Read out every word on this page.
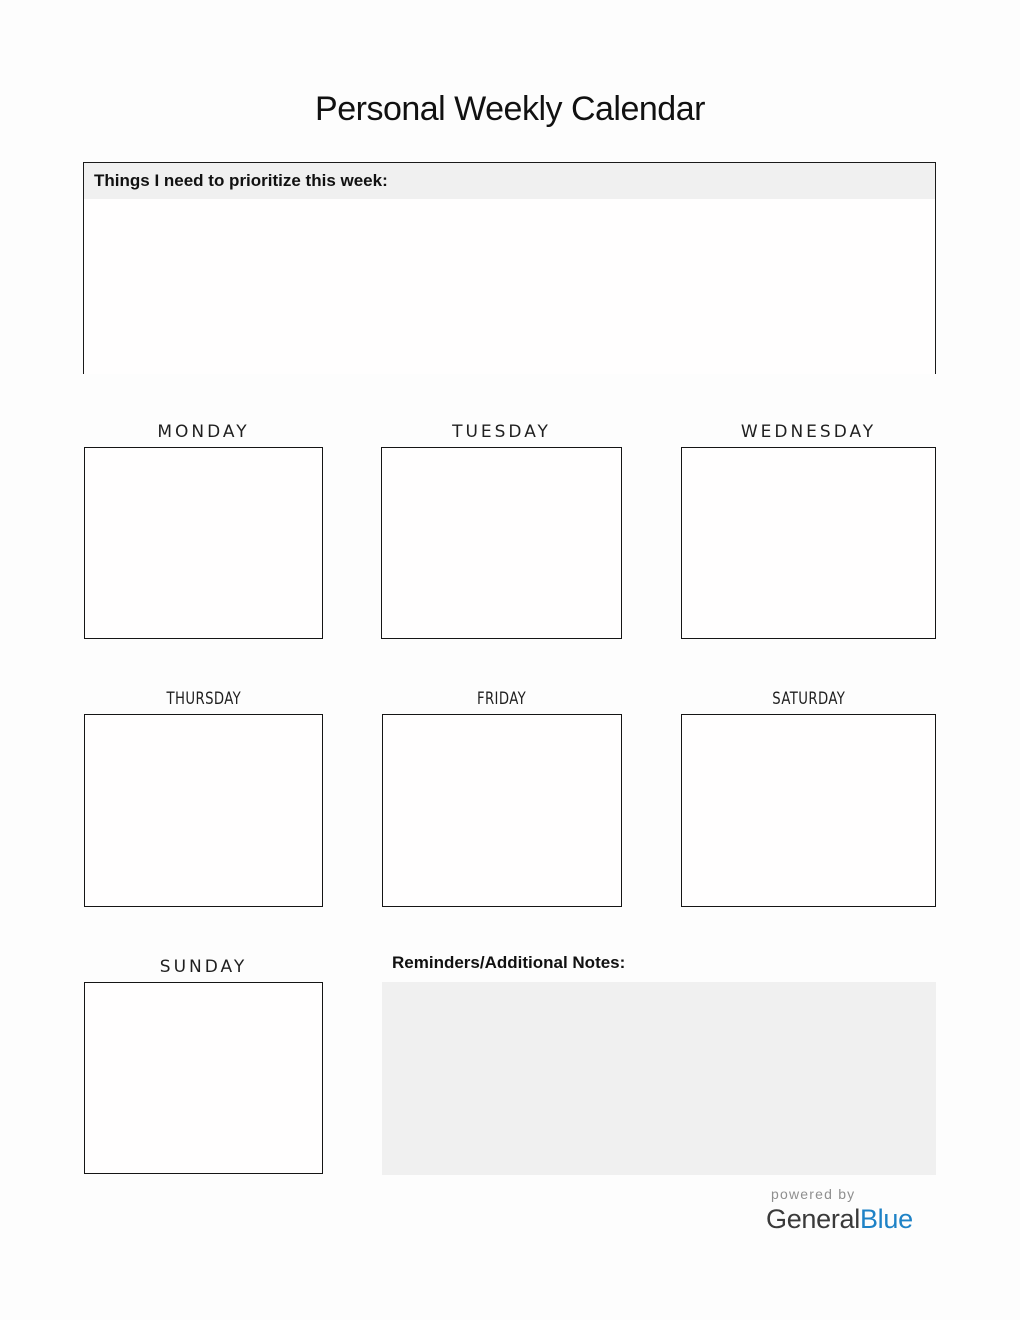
Personal Weekly Calendar
Things I need to prioritize this week:
MONDAY	TUESDAY	WEDNESDAY
THURSDAY	FRIDAY	SATURDAY
SUNDAY	Reminders/Additional Notes:
powered by
GeneralBlue
